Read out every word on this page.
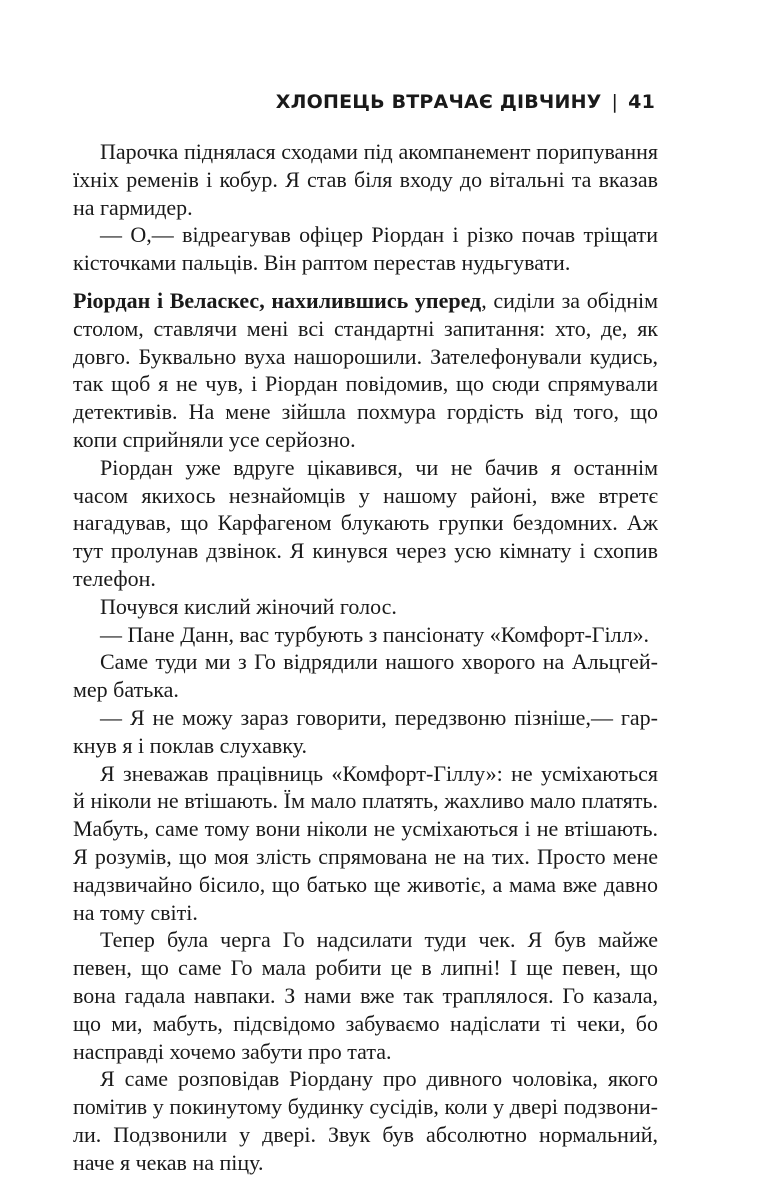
ХЛОПЕЦЬ ВТРАЧАЄ ДІВЧИНУ | 41

Парочка піднялася сходами під акомпанемент порипування їхніх ременів і кобур. Я став біля входу до вітальні та вказав на гармидер.

— О,— відреагував офіцер Ріордан і різко почав тріщати кісточками пальців. Він раптом перестав нудьгувати.

Ріордан і Веласкес, нахилившись уперед, сиділи за обіднім столом, ставлячи мені всі стандартні запитання: хто, де, як довго. Буквально вуха нашорошили. Зателефонували кудись, так щоб я не чув, і Ріордан повідомив, що сюди спрямували детективів. На мене зійшла похмура гордість від того, що копи сприйняли усе серйозно.

Ріордан уже вдруге цікавився, чи не бачив я останнім часом якихось незнайомців у нашому районі, вже втретє нагадував, що Карфагеном блукають групки бездомних. Аж тут пролунав дзвінок. Я кинувся через усю кімнату і схопив телефон.

Почувся кислий жіночий голос.

— Пане Данн, вас турбують з пансіонату «Комфорт-Гілл».

Саме туди ми з Го відрядили нашого хворого на Альцгеймер батька.

— Я не можу зараз говорити, передзвоню пізніше,— гаркнув я і поклав слухавку.

Я зневажав працівниць «Комфорт-Гіллу»: не усміхаються й ніколи не втішають. Їм мало платять, жахливо мало платять. Мабуть, саме тому вони ніколи не усміхаються і не втішають. Я розумів, що моя злість спрямована не на тих. Просто мене надзвичайно бісило, що батько ще животіє, а мама вже давно на тому світі.

Тепер була черга Го надсилати туди чек. Я був майже певен, що саме Го мала робити це в липні! І ще певен, що вона гадала навпаки. З нами вже так траплялося. Го казала, що ми, мабуть, підсвідомо забуваємо надіслати ті чеки, бо насправді хочемо забути про тата.

Я саме розповідав Ріордану про дивного чоловіка, якого помітив у покинутому будинку сусідів, коли у двері подзвонили. Подзвонили у двері. Звук був абсолютно нормальний, наче я чекав на піцу.
